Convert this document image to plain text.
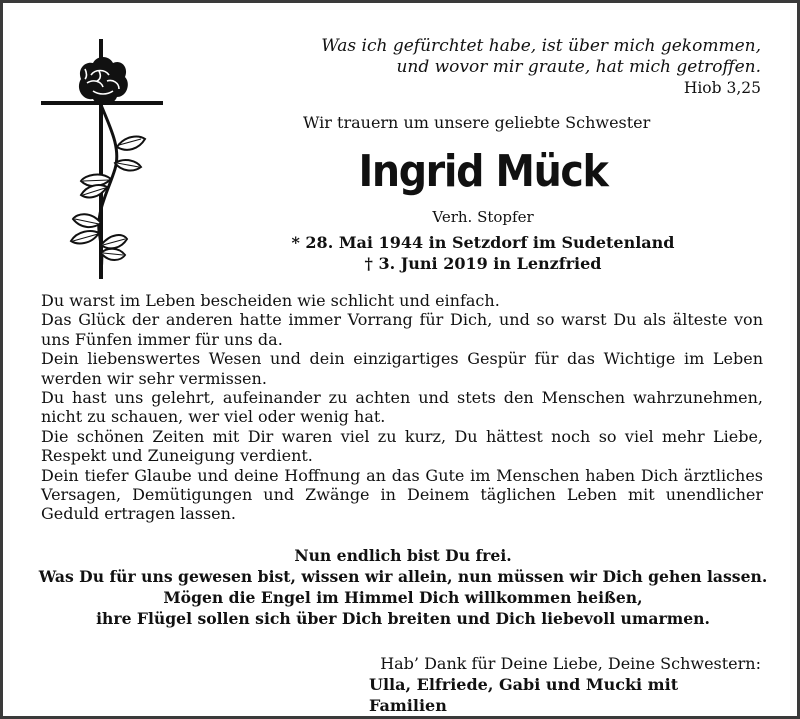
Was ich gefürchtet habe, ist über mich gekommen,
und wovor mir graute, hat mich getroffen.
Hiob 3,25
Wir trauern um unsere geliebte Schwester
Ingrid Mück
Verh. Stopfer
* 28. Mai 1944 in Setzdorf im Sudetenland
† 3. Juni 2019 in Lenzfried

Du warst im Leben bescheiden wie schlicht und einfach.

Das Glück der anderen hatte immer Vorrang für Dich, und so warst Du als älteste von uns Fünfen immer für uns da.

Dein liebenswertes Wesen und dein einzigartiges Gespür für das Wichtige im Leben werden wir sehr vermissen.

Du hast uns gelehrt, aufeinander zu achten und stets den Menschen wahrzunehmen, nicht zu schauen, wer viel oder wenig hat.

Die schönen Zeiten mit Dir waren viel zu kurz, Du hättest noch so viel mehr Liebe, Respekt und Zuneigung verdient.

Dein tiefer Glaube und deine Hoffnung an das Gute im Menschen haben Dich ärztliches Versagen, Demütigungen und Zwänge in Deinem täglichen Leben mit unendlicher Geduld ertragen lassen.

Nun endlich bist Du frei.
Was Du für uns gewesen bist, wissen wir allein, nun müssen wir Dich gehen lassen.
Mögen die Engel im Himmel Dich willkommen heißen,
ihre Flügel sollen sich über Dich breiten und Dich liebevoll umarmen.
Hab’ Dank für Deine Liebe, Deine Schwestern:
Ulla, Elfriede, Gabi und Mucki mit Familien
